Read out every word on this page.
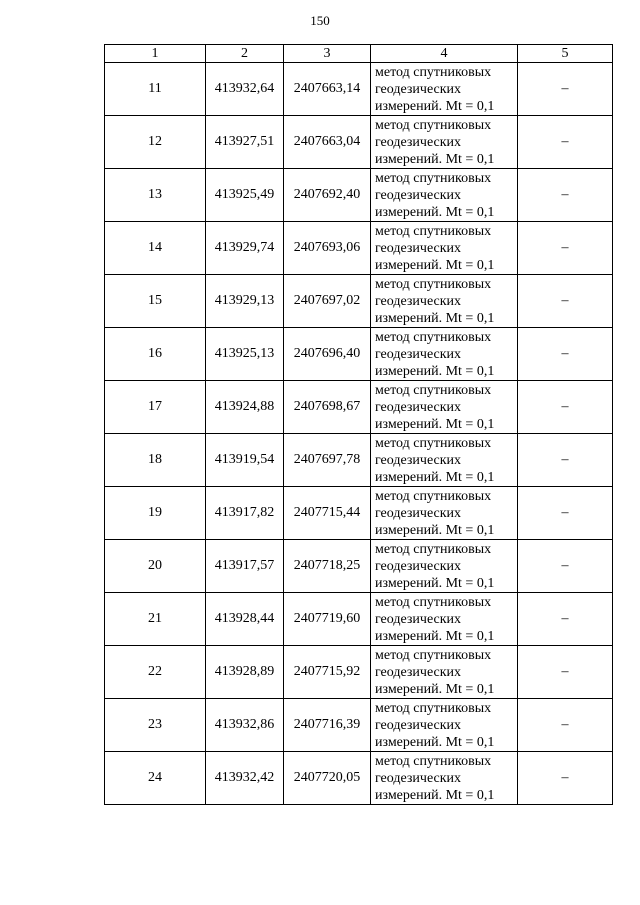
150
1	2	3	4	5
11	413932,64	2407663,14	метод спутниковых
геодезических
измерений. Mt = 0,1	–
12	413927,51	2407663,04	метод спутниковых
геодезических
измерений. Mt = 0,1	–
13	413925,49	2407692,40	метод спутниковых
геодезических
измерений. Mt = 0,1	–
14	413929,74	2407693,06	метод спутниковых
геодезических
измерений. Mt = 0,1	–
15	413929,13	2407697,02	метод спутниковых
геодезических
измерений. Mt = 0,1	–
16	413925,13	2407696,40	метод спутниковых
геодезических
измерений. Mt = 0,1	–
17	413924,88	2407698,67	метод спутниковых
геодезических
измерений. Mt = 0,1	–
18	413919,54	2407697,78	метод спутниковых
геодезических
измерений. Mt = 0,1	–
19	413917,82	2407715,44	метод спутниковых
геодезических
измерений. Mt = 0,1	–
20	413917,57	2407718,25	метод спутниковых
геодезических
измерений. Mt = 0,1	–
21	413928,44	2407719,60	метод спутниковых
геодезических
измерений. Mt = 0,1	–
22	413928,89	2407715,92	метод спутниковых
геодезических
измерений. Mt = 0,1	–
23	413932,86	2407716,39	метод спутниковых
геодезических
измерений. Mt = 0,1	–
24	413932,42	2407720,05	метод спутниковых
геодезических
измерений. Mt = 0,1	–
